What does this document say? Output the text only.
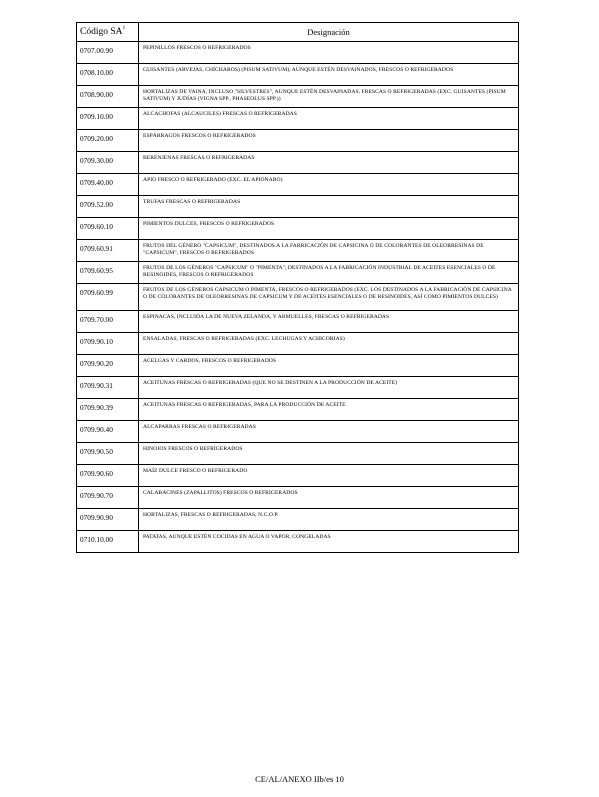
Código $SA^1$	Designación
0707.00.90	PEPINILLOS FRESCOS O REFRIGERADOS
0708.10.00	GUISANTES (ARVEJAS, CHÍCHAROS) (PISUM SATIVUM), AUNQUE ESTÉN DESVAINADOS, FRESCOS O REFRIGERADOS
0708.90.00	HORTALIZAS DE VAINA, INCLUSO "SILVESTRES", AUNQUE ESTÉN DESVAINADAS, FRESCAS O REFRIGERADAS (EXC. GUISANTES (PISUM SATIVUM) Y JUDÍAS (VIGNA SPP., PHASEOLUS SPP.))
0709.10.00	ALCACHOFAS (ALCAUCILES) FRESCAS O REFRIGERADAS
0709.20.00	ESPÁRRAGOS FRESCOS O REFRIGERADOS
0709.30.00	BERENJENAS FRESCAS O REFRIGERADAS
0709.40.00	APIO FRESCO O REFRIGERADO (EXC. EL APIONABO)
0709.52.00	TRUFAS FRESCAS O REFRIGERADAS
0709.60.10	PIMIENTOS DULCES, FRESCOS O REFRIGERADOS
0709.60.91	FRUTOS DEL GÉNERO "CAPSICUM", DESTINADOS A LA FABRICACIÓN DE CAPSICINA O DE COLORANTES DE OLEORRESINAS DE "CAPSICUM", FRESCOS O REFRIGERADOS
0709.60.95	FRUTOS DE LOS GÉNEROS "CAPSICUM" O "PIMENTA", DESTINADOS A LA FABRICACIÓN INDUSTRIAL DE ACEITES ESENCIALES O DE RESINOIDES, FRESCOS O REFRIGERADOS
0709.60.99	FRUTOS DE LOS GÉNEROS CAPSICUM O PIMENTA, FRESCOS O REFRIGERADOS (EXC. LOS DESTINADOS A LA FABRICACIÓN DE CAPSICINA O DE COLORANTES DE OLEORRESINAS DE CAPSICUM Y DE ACEITES ESENCIALES O DE RESINOIDES, ASÍ COMO PIMIENTOS DULCES)
0709.70.00	ESPINACAS, INCLUIDA LA DE NUEVA ZELANDA, Y ARMUELLES, FRESCAS O REFRIGERADAS
0709.90.10	ENSALADAS, FRESCAS O REFRIGERADAS (EXC. LECHUGAS Y ACHICORIAS)
0709.90.20	ACELGAS Y CARDOS, FRESCOS O REFRIGERADOS
0709.90.31	ACEITUNAS FRESCAS O REFRIGERADAS (QUE NO SE DESTINEN A LA PRODUCCIÓN DE ACEITE)
0709.90.39	ACEITUNAS FRESCAS O REFRIGERADAS, PARA LA PRODUCCIÓN DE ACEITE
0709.90.40	ALCAPARRAS FRESCAS O REFRIGERADAS
0709.90.50	HINOJOS FRESCOS O REFRIGERADOS
0709.90.60	MAÍZ DULCE FRESCO O REFRIGERADO
0709.90.70	CALABACINES (ZAPALLITOS) FRESCOS O REFRIGERADOS
0709.90.90	HORTALIZAS, FRESCAS O REFRIGERADAS, N.C.O.P.
0710.10.00	PATATAS, AUNQUE ESTÉN COCIDAS EN AGUA O VAPOR, CONGELADAS
CE/AL/ANEXO IIb/es 10
